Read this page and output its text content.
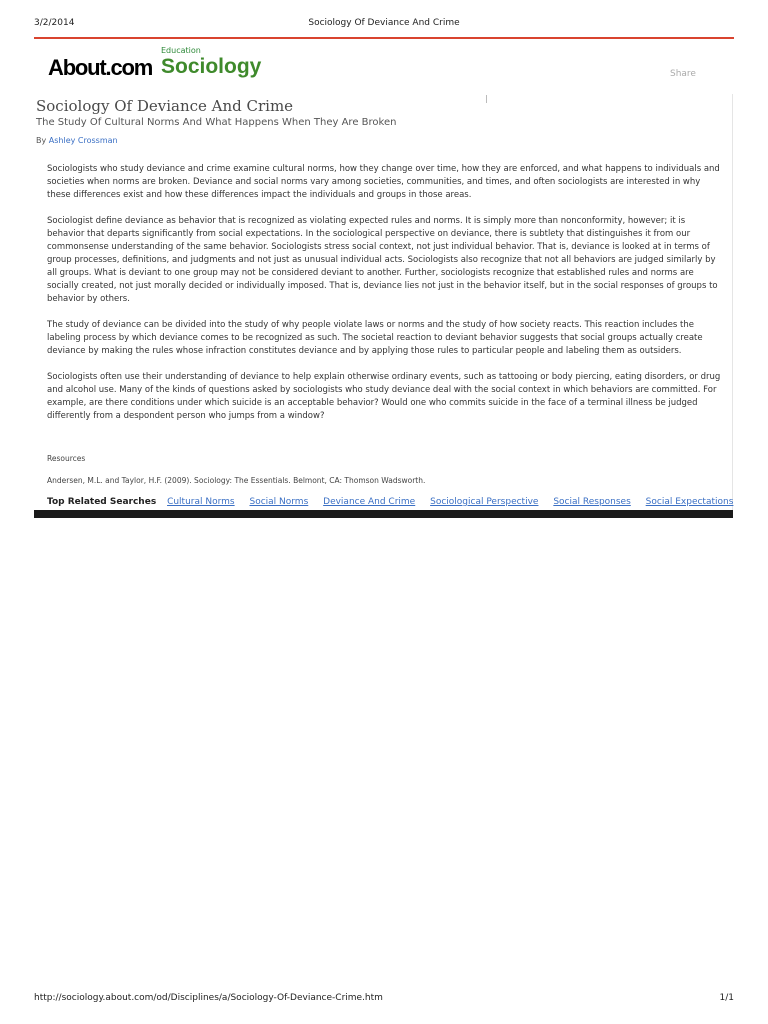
3/2/2014	Sociology Of Deviance And Crime
Education
About.com Sociology	Share
Sociology Of Deviance And Crime
The Study Of Cultural Norms And What Happens When They Are Broken
By Ashley Crossman

Sociologists who study deviance and crime examine cultural norms, how they change over time, how they are enforced, and what happens to individuals and societies when norms are broken. Deviance and social norms vary among societies, communities, and times, and often sociologists are interested in why these differences exist and how these differences impact the individuals and groups in those areas.

Sociologist define deviance as behavior that is recognized as violating expected rules and norms. It is simply more than nonconformity, however; it is behavior that departs significantly from social expectations. In the sociological perspective on deviance, there is subtlety that distinguishes it from our commonsense understanding of the same behavior. Sociologists stress social context, not just individual behavior. That is, deviance is looked at in terms of group processes, definitions, and judgments and not just as unusual individual acts. Sociologists also recognize that not all behaviors are judged similarly by all groups. What is deviant to one group may not be considered deviant to another. Further, sociologists recognize that established rules and norms are socially created, not just morally decided or individually imposed. That is, deviance lies not just in the behavior itself, but in the social responses of groups to behavior by others.

The study of deviance can be divided into the study of why people violate laws or norms and the study of how society reacts. This reaction includes the labeling process by which deviance comes to be recognized as such. The societal reaction to deviant behavior suggests that social groups actually create deviance by making the rules whose infraction constitutes deviance and by applying those rules to particular people and labeling them as outsiders.

Sociologists often use their understanding of deviance to help explain otherwise ordinary events, such as tattooing or body piercing, eating disorders, or drug and alcohol use. Many of the kinds of questions asked by sociologists who study deviance deal with the social context in which behaviors are committed. For example, are there conditions under which suicide is an acceptable behavior? Would one who commits suicide in the face of a terminal illness be judged differently from a despondent person who jumps from a window?

Resources
Andersen, M.L. and Taylor, H.F. (2009). Sociology: The Essentials. Belmont, CA: Thomson Wadsworth.
Top Related Searches Cultural Norms Social Norms Deviance And Crime Sociological Perspective Social Responses Social Expectations
http://sociology.about.com/od/Disciplines/a/Sociology-Of-Deviance-Crime.htm	1/1
